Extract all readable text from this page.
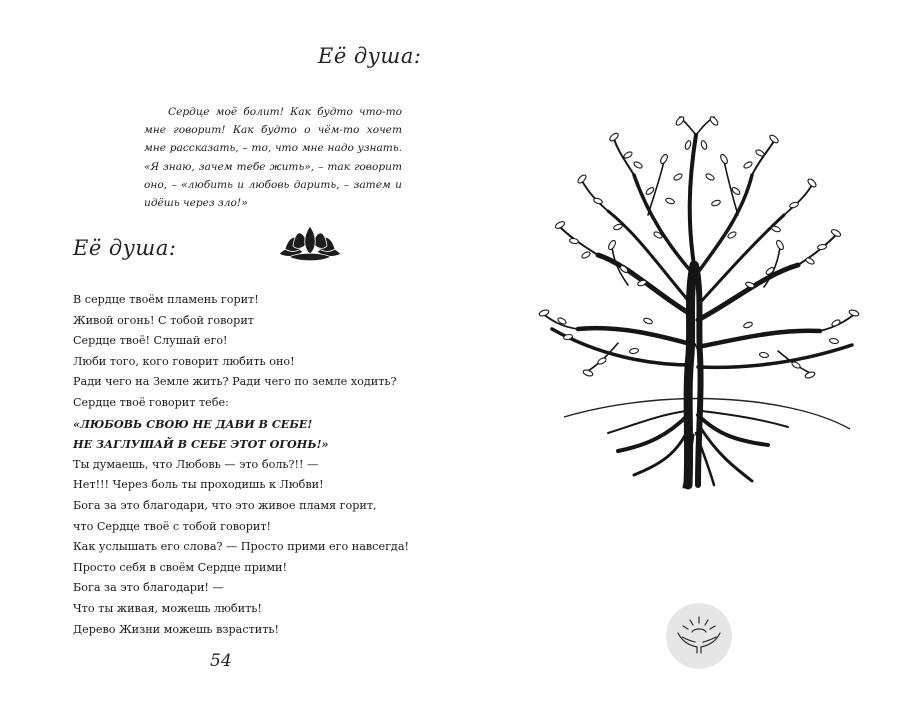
Её душа:
Сердце моё болит! Как будто что-то мне говорит! Как будто о чём-то хочет мне рассказать, – то, что мне надо узнать. «Я знаю, зачем тебе жить», – так говорит оно, – «любить и любовь дарить, – затем и идёшь через зло!»
Её душа:
В сердце твоём пламень горит!
Живой огонь! С тобой говорит
Сердце твоё! Слушай его!
Люби того, кого говорит любить оно!
Ради чего на Земле жить? Ради чего по земле ходить?
Сердце твоё говорит тебе:
«ЛЮБОВЬ СВОЮ НЕ ДАВИ В СЕБЕ!
НЕ ЗАГЛУШАЙ В СЕБЕ ЭТОТ ОГОНЬ!»
Ты думаешь, что Любовь — это боль?!! —
Нет!!! Через боль ты проходишь к Любви!
Бога за это благодари, что это живое пламя горит,
что Сердце твоё с тобой говорит!
Как услышать его слова? — Просто прими его навсегда!
Просто себя в своём Сердце прими!
Бога за это благодари! —
Что ты живая, можешь любить!
Дерево Жизни можешь взрастить!
54
